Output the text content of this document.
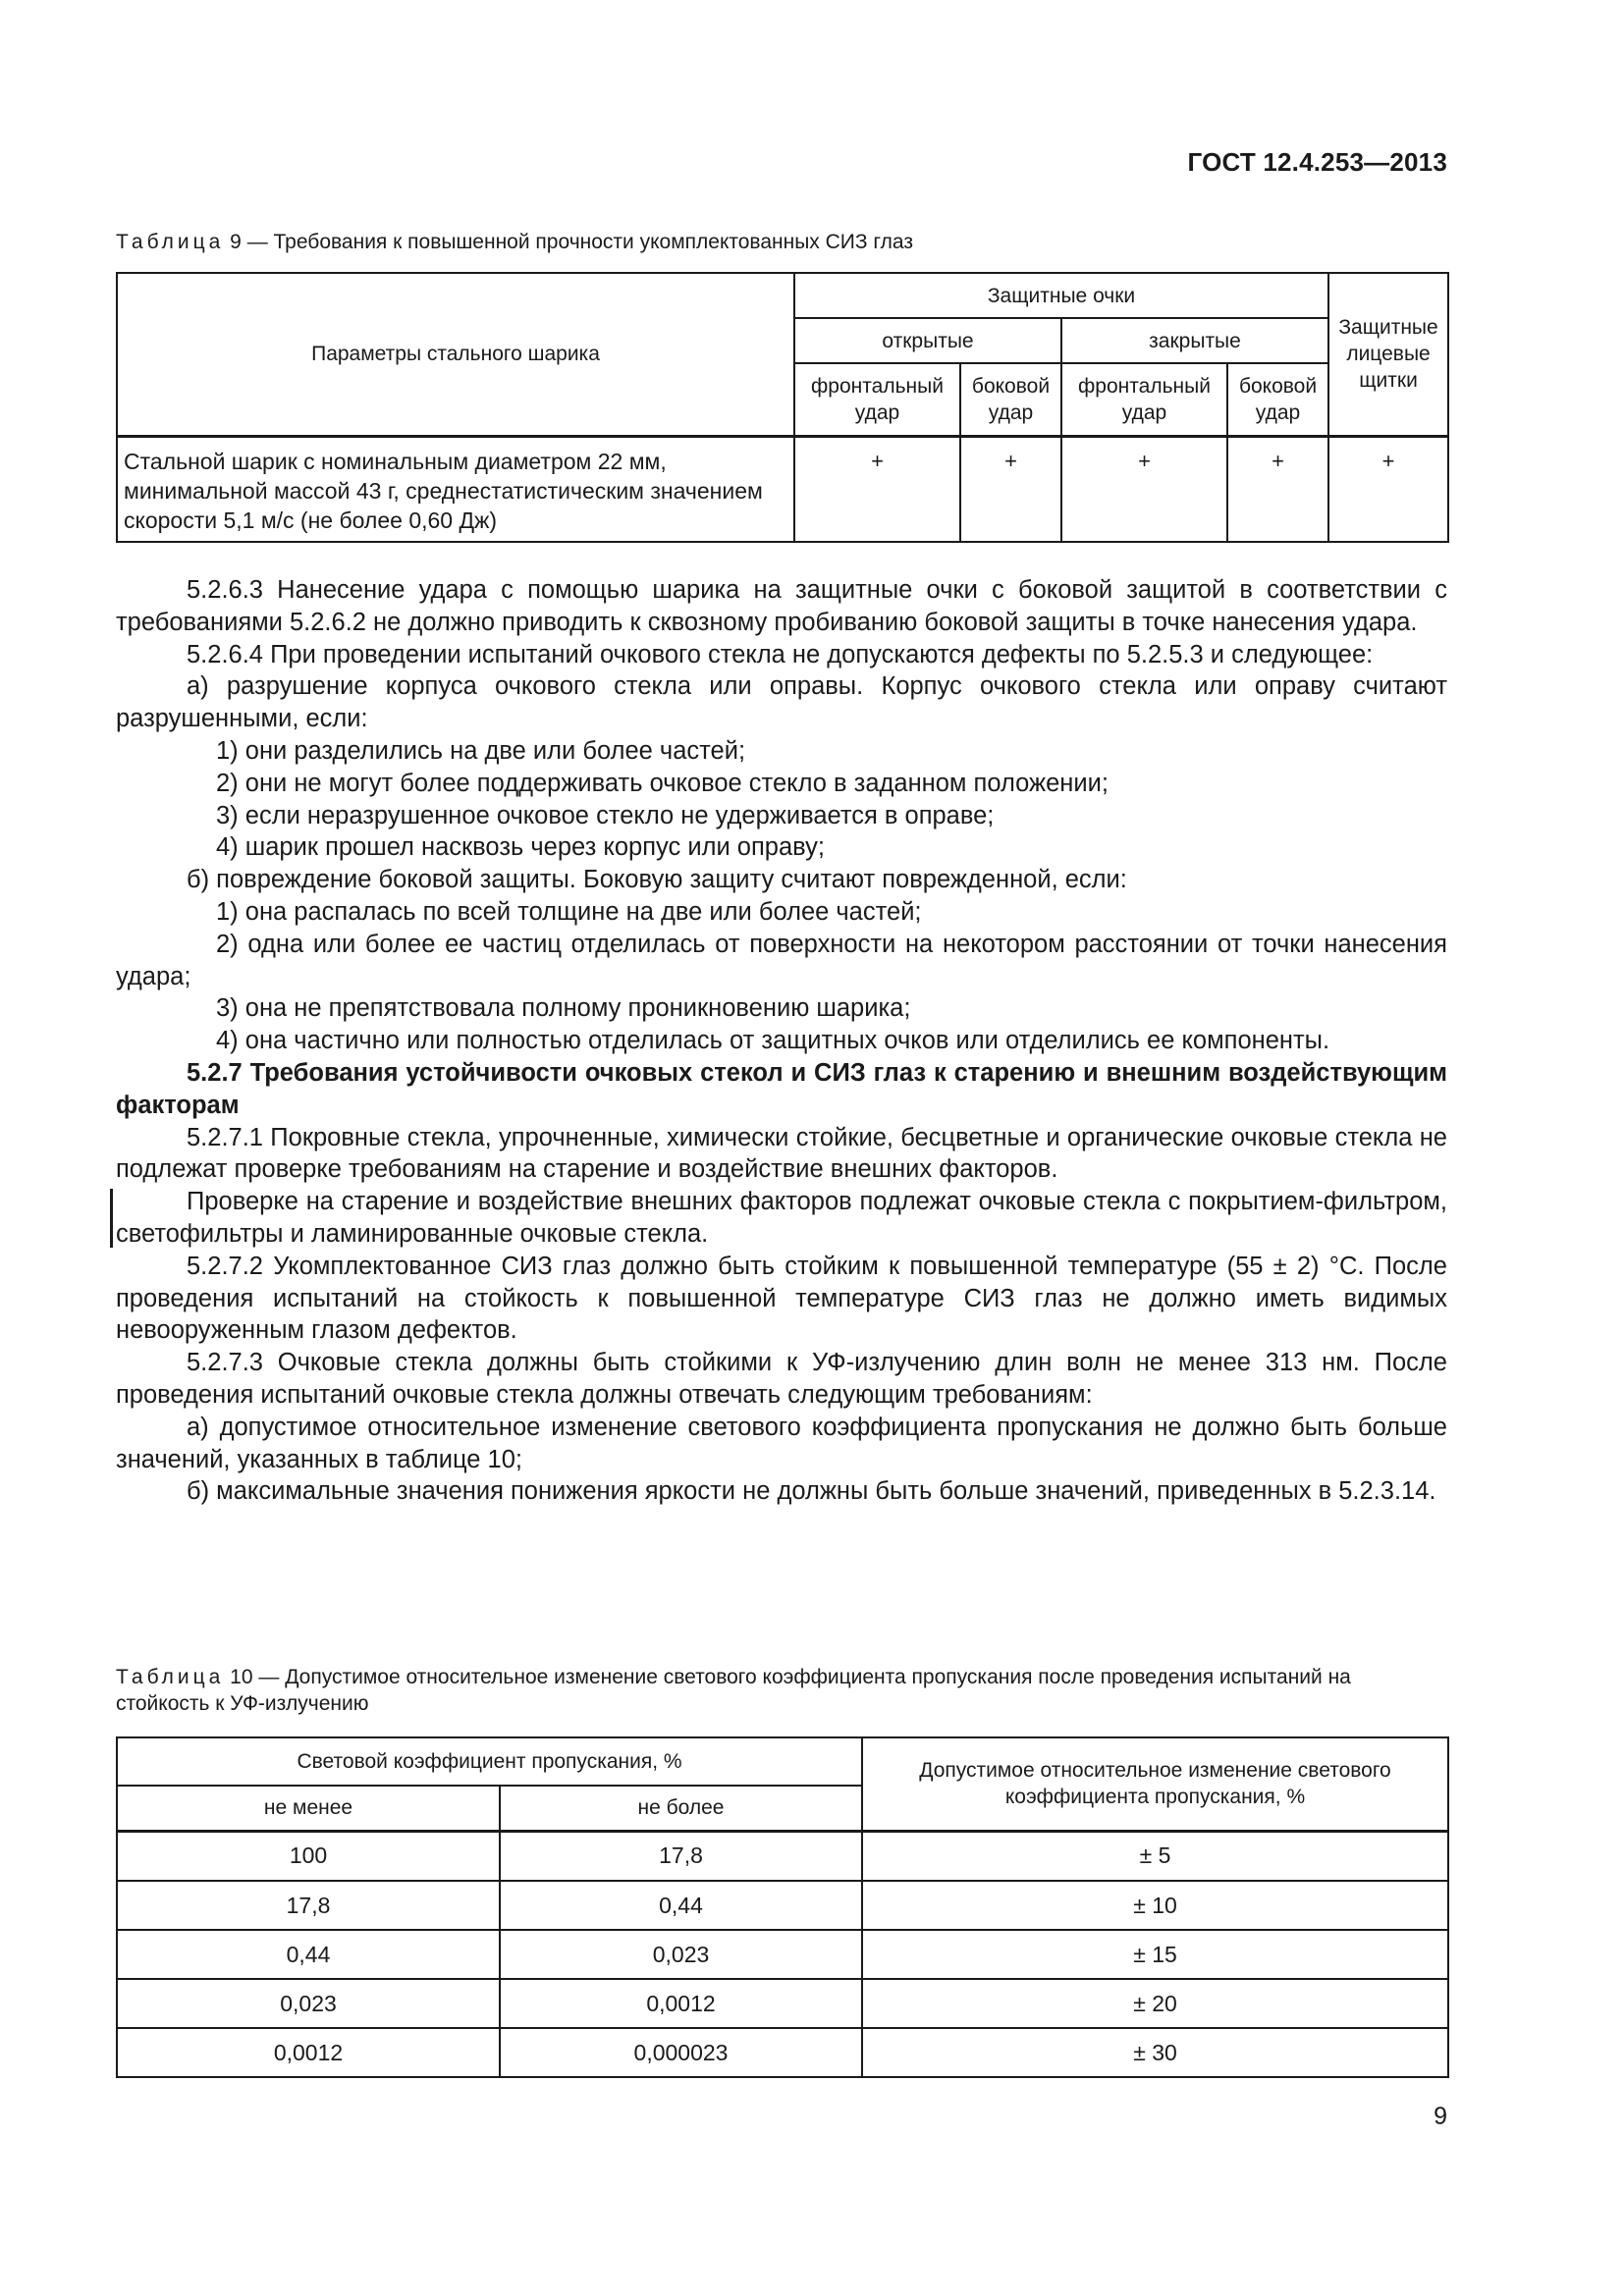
ГОСТ 12.4.253—2013
Таблица 9 — Требования к повышенной прочности укомплектованных СИЗ глаз
Параметры стального шарика	Защитные очки				Защитные лицевые щитки
	открытые		закрытые		
	фронтальный удар	боковой удар	фронтальный удар	боковой удар	
Стальной шарик с номинальным диаметром 22 мм, минимальной массой 43 г, среднестатистическим значением скорости 5,1 м/с (не более 0,60 Дж)	+	+	+	+	+

5.2.6.3 Нанесение удара с помощью шарика на защитные очки с боковой защитой в соответствии с требованиями 5.2.6.2 не должно приводить к сквозному пробиванию боковой защиты в точке нанесения удара.

5.2.6.4 При проведении испытаний очкового стекла не допускаются дефекты по 5.2.5.3 и следующее:

а) разрушение корпуса очкового стекла или оправы. Корпус очкового стекла или оправу считают разрушенными, если:

1) они разделились на две или более частей;

2) они не могут более поддерживать очковое стекло в заданном положении;

3) если неразрушенное очковое стекло не удерживается в оправе;

4) шарик прошел насквозь через корпус или оправу;

б) повреждение боковой защиты. Боковую защиту считают поврежденной, если:

1) она распалась по всей толщине на две или более частей;

2) одна или более ее частиц отделилась от поверхности на некотором расстоянии от точки нанесения удара;

3) она не препятствовала полному проникновению шарика;

4) она частично или полностью отделилась от защитных очков или отделились ее компоненты.

5.2.7 Требования устойчивости очковых стекол и СИЗ глаз к старению и внешним воздействующим факторам

5.2.7.1 Покровные стекла, упрочненные, химически стойкие, бесцветные и органические очковые стекла не подлежат проверке требованиям на старение и воздействие внешних факторов.

Проверке на старение и воздействие внешних факторов подлежат очковые стекла с покрытием-фильтром, светофильтры и ламинированные очковые стекла.

5.2.7.2 Укомплектованное СИЗ глаз должно быть стойким к повышенной температуре (55 ± 2) °С. После проведения испытаний на стойкость к повышенной температуре СИЗ глаз не должно иметь видимых невооруженным глазом дефектов.

5.2.7.3 Очковые стекла должны быть стойкими к УФ-излучению длин волн не менее 313 нм. После проведения испытаний очковые стекла должны отвечать следующим требованиям:

а) допустимое относительное изменение светового коэффициента пропускания не должно быть больше значений, указанных в таблице 10;

б) максимальные значения понижения яркости не должны быть больше значений, приведенных в 5.2.3.14.

Таблица 10 — Допустимое относительное изменение светового коэффициента пропускания после проведения испытаний на стойкость к УФ-излучению
Световой коэффициент пропускания, %		Допустимое относительное изменение светового коэффициента пропускания, %
не менее	не более	
100	17,8	± 5
17,8	0,44	± 10
0,44	0,023	± 15
0,023	0,0012	± 20
0,0012	0,000023	± 30
9
